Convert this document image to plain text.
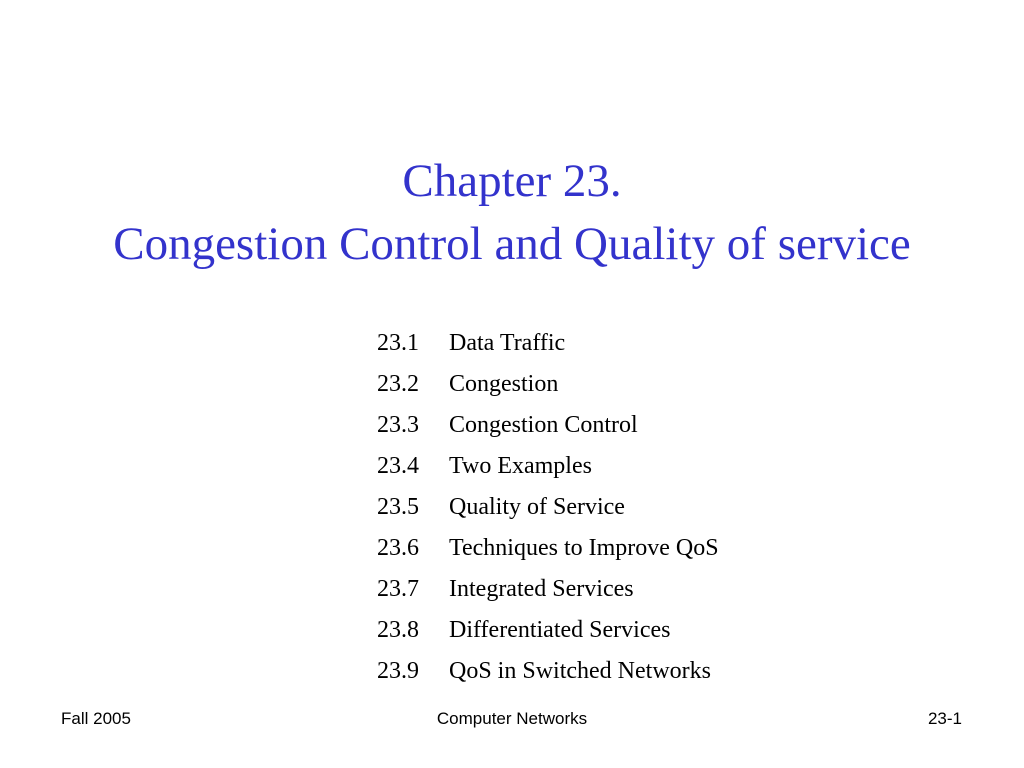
Chapter 23.
Congestion Control and Quality of service
23.1 Data Traffic
23.2 Congestion
23.3 Congestion Control
23.4 Two Examples
23.5 Quality of Service
23.6 Techniques to Improve QoS
23.7 Integrated Services
23.8 Differentiated Services
23.9 QoS in Switched Networks
Fall 2005	Computer Networks	23-1
